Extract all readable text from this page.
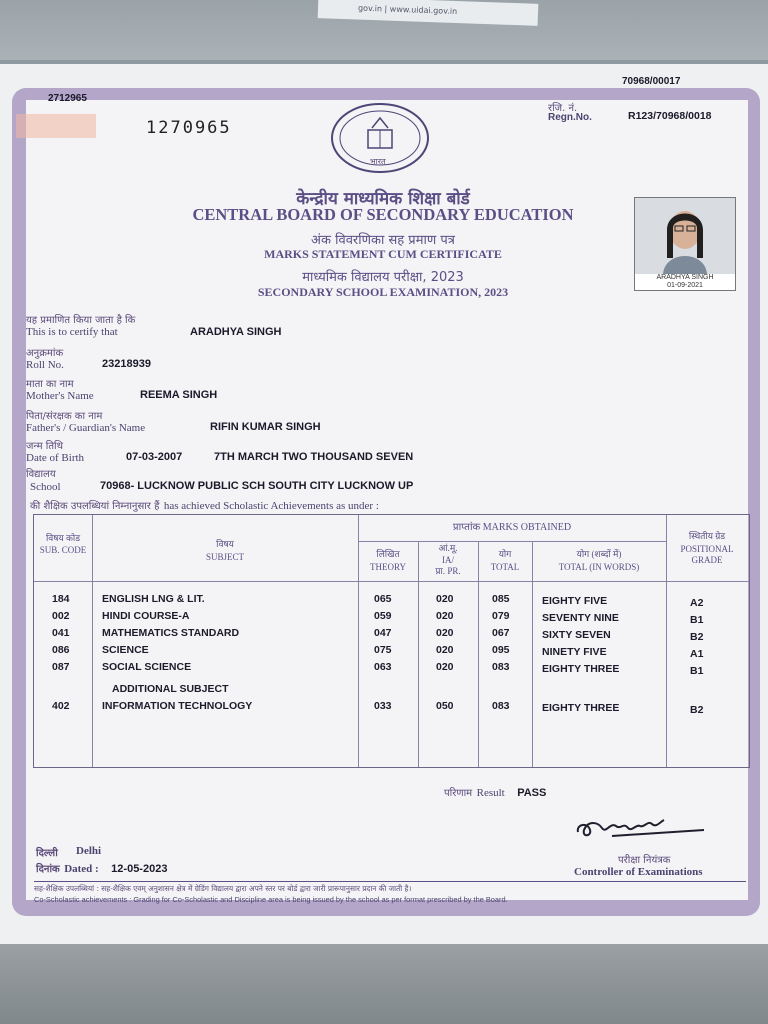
gov.in | www.uidai.gov.in
70968/00017
2712965
1270965
रजि. नं.
Regn.No.	R123/70968/0018
भारत
केन्द्रीय माध्यमिक शिक्षा बोर्ड
CENTRAL BOARD OF SECONDARY EDUCATION
अंक विवरणिका सह प्रमाण पत्र
MARKS STATEMENT CUM CERTIFICATE
माध्यमिक विद्यालय परीक्षा, 2023
SECONDARY SCHOOL EXAMINATION, 2023
ARADHYA SINGH
01-09-2021
यह प्रमाणित किया जाता है कि
This is to certify that	ARADHYA SINGH
अनुक्रमांक
Roll No.	23218939
माता का नाम
Mother's Name	REEMA SINGH
पिता/संरक्षक का नाम
Father's / Guardian's Name	RIFIN KUMAR SINGH
जन्म तिथि
Date of Birth	07-03-2007	7TH MARCH TWO THOUSAND SEVEN
विद्यालय
School	70968- LUCKNOW PUBLIC SCH SOUTH CITY LUCKNOW UP
की शैक्षिक उपलब्धियां निम्नानुसार हैं has achieved Scholastic Achievements as under :
विषय कोड
SUB. CODE
विषय
SUBJECT
प्राप्तांक MARKS OBTAINED
लिखित
THEORY
आं.मू.
IA/
प्रा. PR.
योग
TOTAL
योग (शब्दों में)
TOTAL (IN WORDS)
स्थितीय ग्रेड
POSITIONAL GRADE
184	ENGLISH LNG & LIT.	065	020	085	EIGHTY FIVE	A2
002	HINDI COURSE-A	059	020	079	SEVENTY NINE	B1
041	MATHEMATICS STANDARD	047	020	067	SIXTY SEVEN	B2
086	SCIENCE	075	020	095	NINETY FIVE	A1
087	SOCIAL SCIENCE	063	020	083	EIGHTY THREE	B1
ADDITIONAL SUBJECT
402	INFORMATION TECHNOLOGY	033	050	083	EIGHTY THREE	B2
परिणाम Result PASS
दिल्ली Delhi
दिनांक Dated : 12-05-2023
परीक्षा नियंत्रक
Controller of Examinations
सह-शैक्षिक उपलब्धियां : सह-शैक्षिक एवम् अनुशासन क्षेत्र में ग्रेडिंग विद्यालय द्वारा अपने स्तर पर बोर्ड द्वारा जारी प्रारूपानुसार प्रदान की जाती है।
Co-Scholastic achievements : Grading for Co-Scholastic and Discipline area is being issued by the school as per format prescribed by the Board.
